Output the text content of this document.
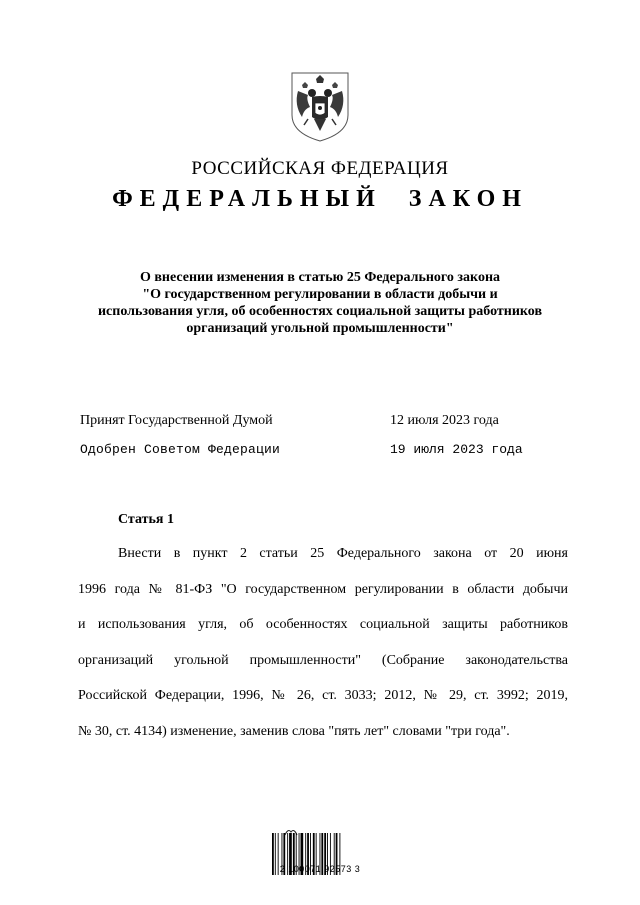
РОССИЙСКАЯ ФЕДЕРАЦИЯ
ФЕДЕРАЛЬНЫЙ ЗАКОН
О внесении изменения в статью 25 Федерального закона
"О государственном регулировании в области добычи и
использования угля, об особенностях социальной защиты работников
организаций угольной промышленности"
Принят Государственной Думой	12 июля 2023 года
Одобрен Советом Федерации	19 июля 2023 года
Статья 1
Внести в пункт 2 статьи 25 Федерального закона от 20 июня
1996 года № 81-ФЗ "О государственном регулировании в области добычи
и использования угля, об особенностях социальной защиты работников
организаций угольной промышленности" (Собрание законодательства
Российской Федерации, 1996, № 26, ст. 3033; 2012, № 29, ст. 3992; 2019,
№ 30, ст. 4134) изменение, заменив слова "пять лет" словами "три года".
2 100071 92573 3
